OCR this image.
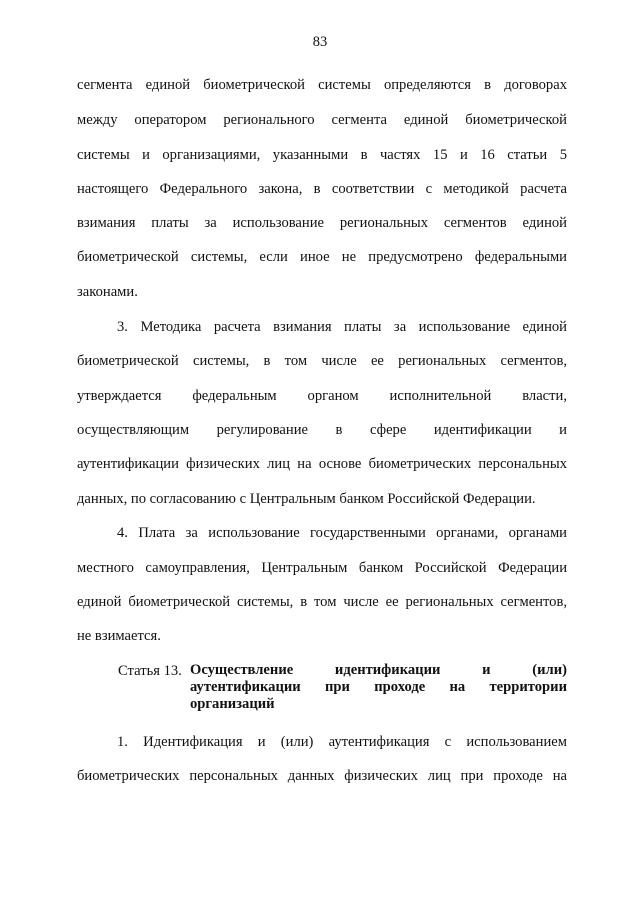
83
сегмента единой биометрической системы определяются в договорах
между оператором регионального сегмента единой биометрической
системы и организациями, указанными в частях 15 и 16 статьи 5
настоящего Федерального закона, в соответствии с методикой расчета
взимания платы за использование региональных сегментов единой
биометрической системы, если иное не предусмотрено федеральными
законами.
3. Методика расчета взимания платы за использование единой
биометрической системы, в том числе ее региональных сегментов,
утверждается федеральным органом исполнительной власти,
осуществляющим регулирование в сфере идентификации и
аутентификации физических лиц на основе биометрических персональных
данных, по согласованию с Центральным банком Российской Федерации.
4. Плата за использование государственными органами, органами
местного самоуправления, Центральным банком Российской Федерации
единой биометрической системы, в том числе ее региональных сегментов,
не взимается.
Статья 13. Осуществление идентификации и (или)
аутентификации при проходе на территории
организаций
1. Идентификация и (или) аутентификация с использованием
биометрических персональных данных физических лиц при проходе на
